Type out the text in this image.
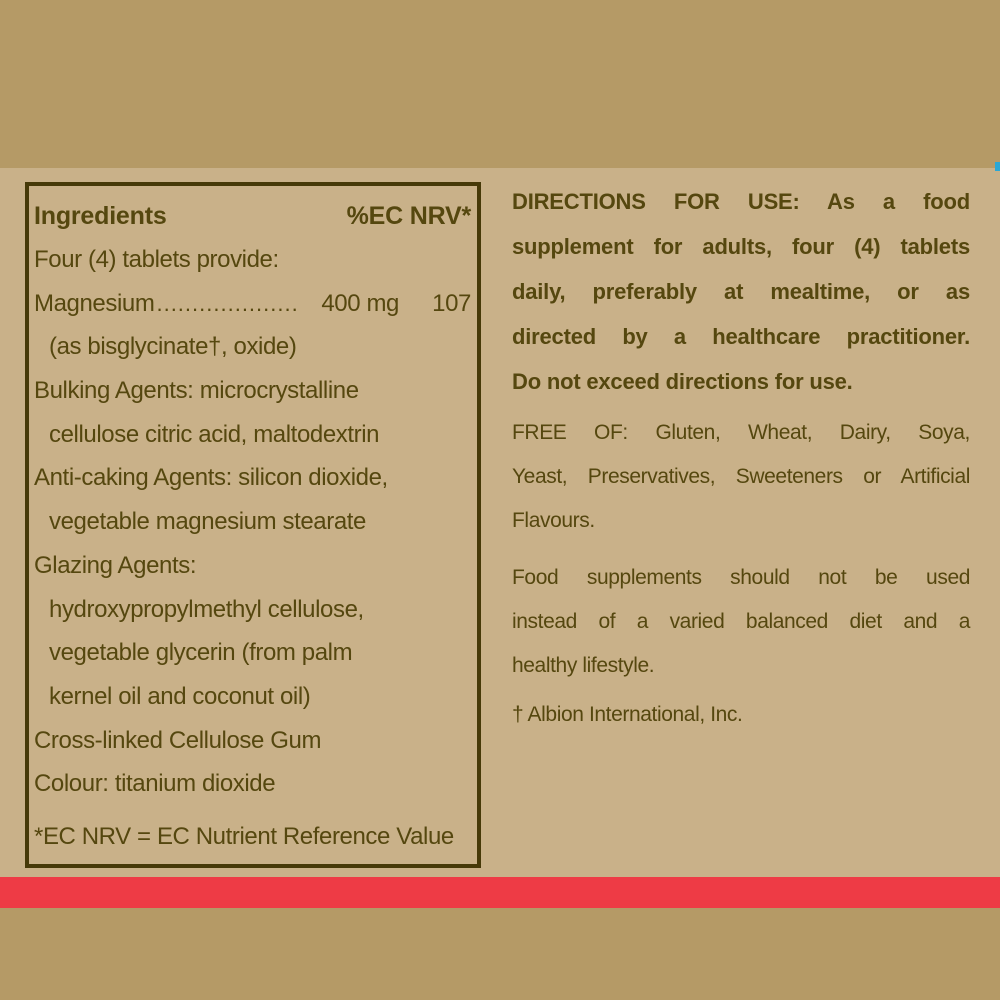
Ingredients	%EC NRV*
Four (4) tablets provide:
Magnesium .................... 400 mg	107
(as bisglycinate†, oxide)
Bulking Agents: microcrystalline
cellulose citric acid, maltodextrin
Anti-caking Agents: silicon dioxide,
vegetable magnesium stearate
Glazing Agents:
hydroxypropylmethyl cellulose,
vegetable glycerin (from palm
kernel oil and coconut oil)
Cross-linked Cellulose Gum
Colour: titanium dioxide
*EC NRV = EC Nutrient Reference Value
DIRECTIONS FOR USE: As a food
supplement for adults, four (4) tablets
daily, preferably at mealtime, or as
directed by a healthcare practitioner.
Do not exceed directions for use.
FREE OF: Gluten, Wheat, Dairy, Soya,
Yeast, Preservatives, Sweeteners or Artificial
Flavours.
Food supplements should not be used
instead of a varied balanced diet and a
healthy lifestyle.
† Albion International, Inc.
